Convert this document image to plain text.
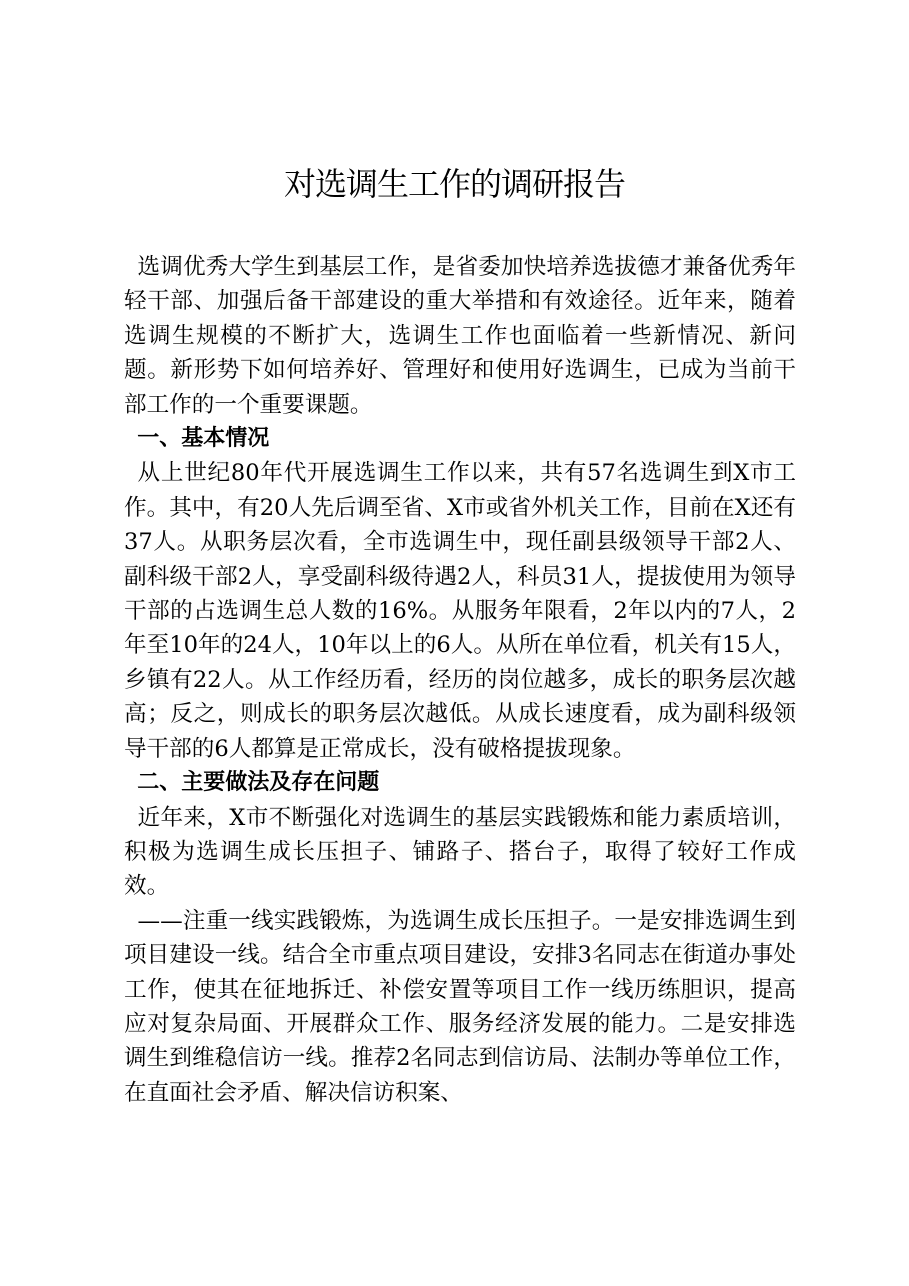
对选调生工作的调研报告

选调优秀大学生到基层工作，是省委加快培养选拔德才兼备优秀年轻干部、加强后备干部建设的重大举措和有效途径。近年来，随着选调生规模的不断扩大，选调生工作也面临着一些新情况、新问题。新形势下如何培养好、管理好和使用好选调生，已成为当前干部工作的一个重要课题。

一、基本情况

从上世纪80年代开展选调生工作以来，共有57名选调生到X市工作。其中，有20人先后调至省、X市或省外机关工作，目前在X还有37人。从职务层次看，全市选调生中，现任副县级领导干部2人、副科级干部2人，享受副科级待遇2人，科员31人，提拔使用为领导干部的占选调生总人数的16%。从服务年限看，2年以内的7人，2年至10年的24人，10年以上的6人。从所在单位看，机关有15人，乡镇有22人。从工作经历看，经历的岗位越多，成长的职务层次越高；反之，则成长的职务层次越低。从成长速度看，成为副科级领导干部的6人都算是正常成长，没有破格提拔现象。

二、主要做法及存在问题

近年来，X市不断强化对选调生的基层实践锻炼和能力素质培训，积极为选调生成长压担子、铺路子、搭台子，取得了较好工作成效。

——注重一线实践锻炼，为选调生成长压担子。一是安排选调生到项目建设一线。结合全市重点项目建设，安排3名同志在街道办事处工作，使其在征地拆迁、补偿安置等项目工作一线历练胆识，提高应对复杂局面、开展群众工作、服务经济发展的能力。二是安排选调生到维稳信访一线。推荐2名同志到信访局、法制办等单位工作，在直面社会矛盾、解决信访积案、
